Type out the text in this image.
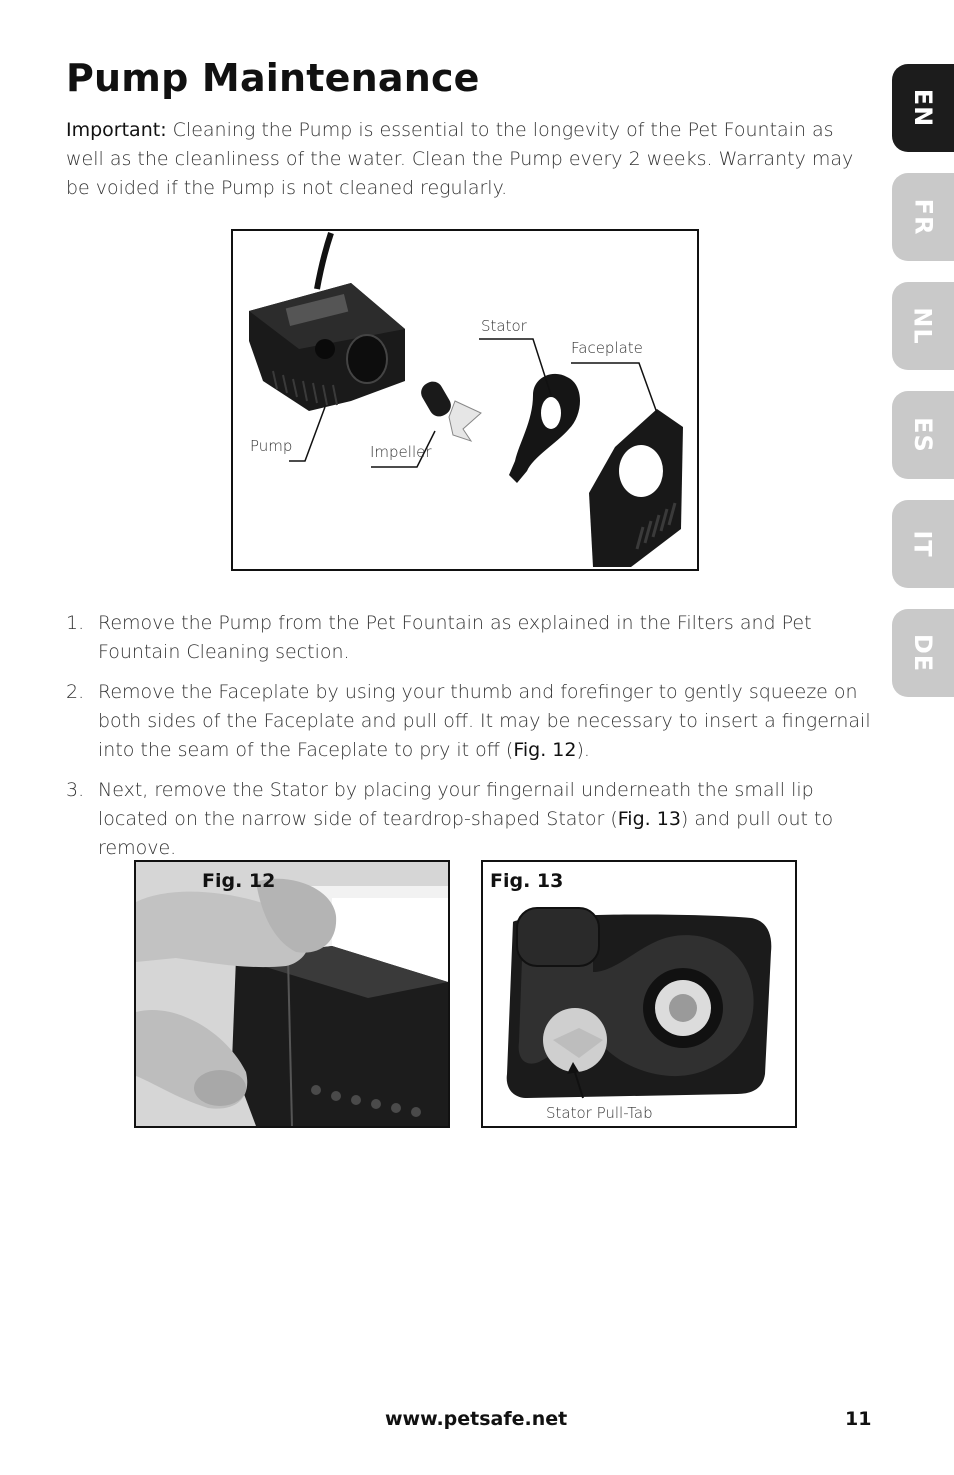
Pump Maintenance

Important: Cleaning the Pump is essential to the longevity of the Pet Fountain as well as the cleanliness of the water. Clean the Pump every 2 weeks. Warranty may be voided if the Pump is not cleaned regularly.

EN
FR
NL
ES
IT
DE
Stator
Faceplate
Pump	Impeller
1. Remove the Pump from the Pet Fountain as explained in the Filters and Pet Fountain Cleaning section.
2. Remove the Faceplate by using your thumb and forefinger to gently squeeze on both sides of the Faceplate and pull off. It may be necessary to insert a fingernail into the seam of the Faceplate to pry it off (Fig. 12).
3. Next, remove the Stator by placing your fingernail underneath the small lip located on the narrow side of teardrop-shaped Stator (Fig. 13) and pull out to remove.
Fig. 12	Fig. 13
Stator Pull-Tab
www.petsafe.net	11
